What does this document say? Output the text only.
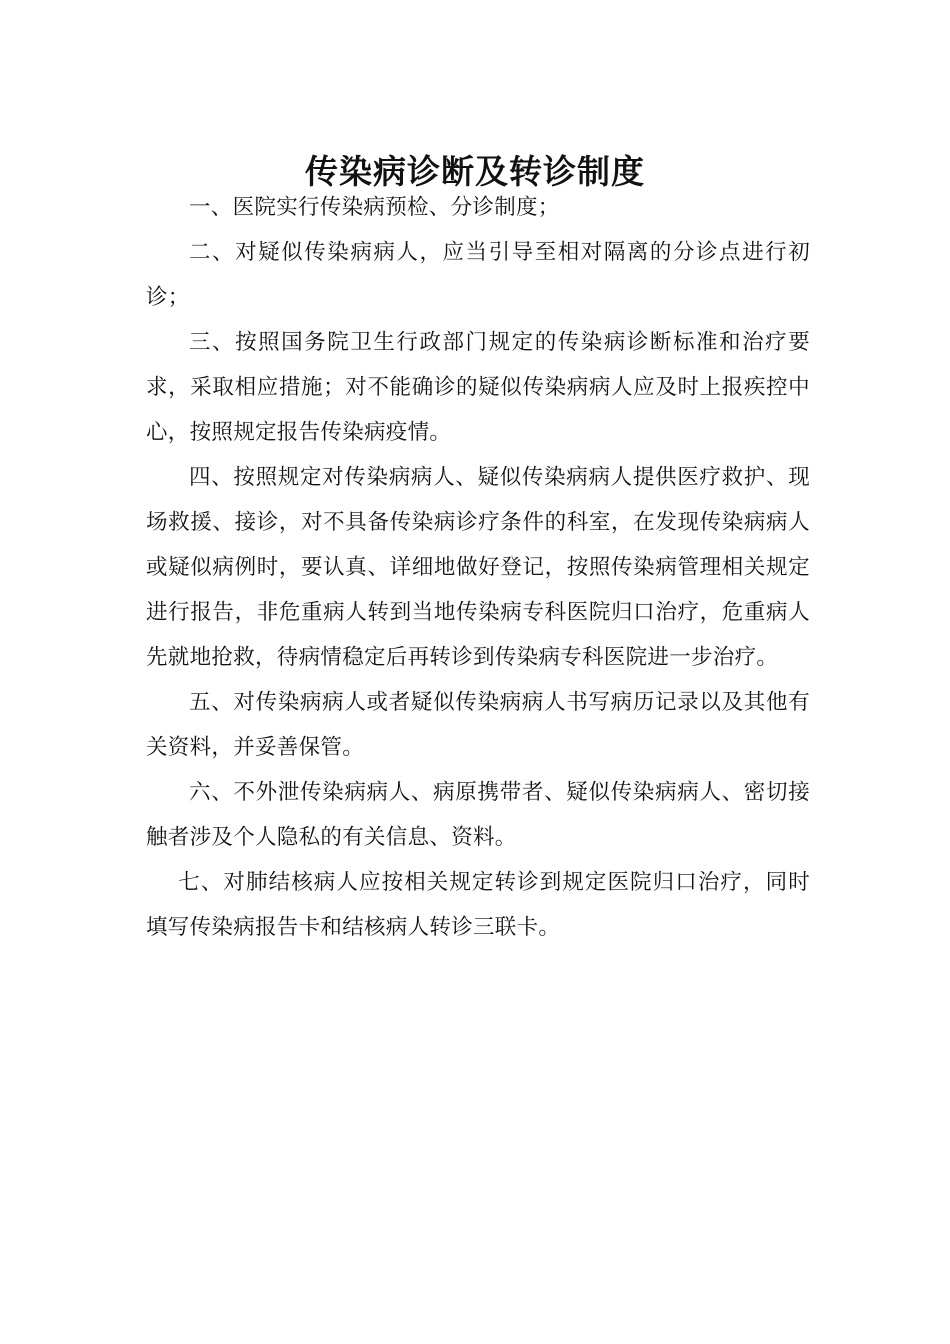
传染病诊断及转诊制度

一、医院实行传染病预检、分诊制度；

二、对疑似传染病病人，应当引导至相对隔离的分诊点进行初诊；

三、按照国务院卫生行政部门规定的传染病诊断标准和治疗要求，采取相应措施；对不能确诊的疑似传染病病人应及时上报疾控中心，按照规定报告传染病疫情。

四、按照规定对传染病病人、疑似传染病病人提供医疗救护、现场救援、接诊，对不具备传染病诊疗条件的科室，在发现传染病病人或疑似病例时，要认真、详细地做好登记，按照传染病管理相关规定进行报告，非危重病人转到当地传染病专科医院归口治疗，危重病人先就地抢救，待病情稳定后再转诊到传染病专科医院进一步治疗。

五、对传染病病人或者疑似传染病病人书写病历记录以及其他有关资料，并妥善保管。

六、不外泄传染病病人、病原携带者、疑似传染病病人、密切接触者涉及个人隐私的有关信息、资料。

七、对肺结核病人应按相关规定转诊到规定医院归口治疗，同时填写传染病报告卡和结核病人转诊三联卡。
